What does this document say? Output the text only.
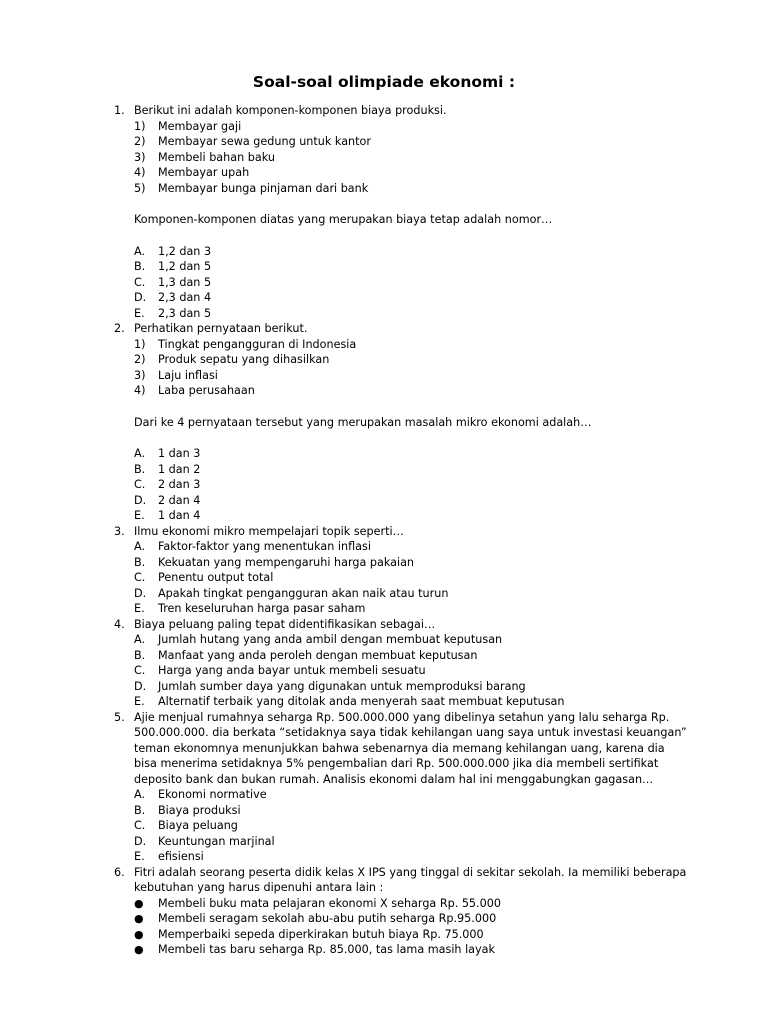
Soal-soal olimpiade ekonomi :
1. Berikut ini adalah komponen-komponen biaya produksi.
1) Membayar gaji
2) Membayar sewa gedung untuk kantor
3) Membeli bahan baku
4) Membayar upah
5) Membayar bunga pinjaman dari bank
Komponen-komponen diatas yang merupakan biaya tetap adalah nomor…
A. 1,2 dan 3
B. 1,2 dan 5
C. 1,3 dan 5
D. 2,3 dan 4
E. 2,3 dan 5
2. Perhatikan pernyataan berikut.
1) Tingkat pengangguran di Indonesia
2) Produk sepatu yang dihasilkan
3) Laju inflasi
4) Laba perusahaan
Dari ke 4 pernyataan tersebut yang merupakan masalah mikro ekonomi adalah…
A. 1 dan 3
B. 1 dan 2
C. 2 dan 3
D. 2 dan 4
E. 1 dan 4
3. Ilmu ekonomi mikro mempelajari topik seperti…
A. Faktor-faktor yang menentukan inflasi
B. Kekuatan yang mempengaruhi harga pakaian
C. Penentu output total
D. Apakah tingkat pengangguran akan naik atau turun
E. Tren keseluruhan harga pasar saham
4. Biaya peluang paling tepat didentifikasikan sebagai…
A. Jumlah hutang yang anda ambil dengan membuat keputusan
B. Manfaat yang anda peroleh dengan membuat keputusan
C. Harga yang anda bayar untuk membeli sesuatu
D. Jumlah sumber daya yang digunakan untuk memproduksi barang
E. Alternatif terbaik yang ditolak anda menyerah saat membuat keputusan
5. Ajie menjual rumahnya seharga Rp. 500.000.000 yang dibelinya setahun yang lalu seharga Rp. 500.000.000. dia berkata “setidaknya saya tidak kehilangan uang saya untuk investasi keuangan” teman ekonomnya menunjukkan bahwa sebenarnya dia memang kehilangan uang, karena dia bisa menerima setidaknya 5% pengembalian dari Rp. 500.000.000 jika dia membeli sertifikat deposito bank dan bukan rumah. Analisis ekonomi dalam hal ini menggabungkan gagasan…
A. Ekonomi normative
B. Biaya produksi
C. Biaya peluang
D. Keuntungan marjinal
E. efisiensi
6. Fitri adalah seorang peserta didik kelas X IPS yang tinggal di sekitar sekolah. Ia memiliki beberapa kebutuhan yang harus dipenuhi antara lain :
● Membeli buku mata pelajaran ekonomi X seharga Rp. 55.000
● Membeli seragam sekolah abu-abu putih seharga Rp.95.000
● Memperbaiki sepeda diperkirakan butuh biaya Rp. 75.000
● Membeli tas baru seharga Rp. 85.000, tas lama masih layak
